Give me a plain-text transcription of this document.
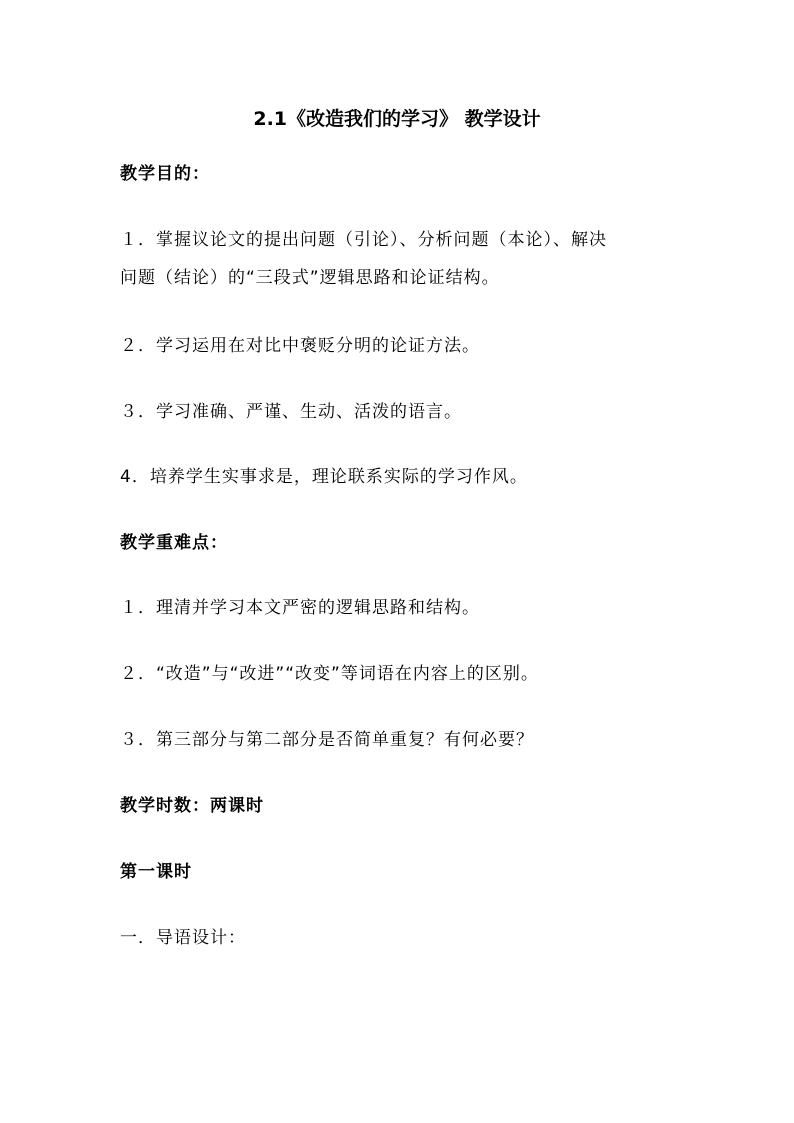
2.1《改造我们的学习》 教学设计
教学目的：
１．掌握议论文的提出问题（引论）、分析问题（本论）、解决
问题（结论）的“三段式”逻辑思路和论证结构。
２．学习运用在对比中褒贬分明的论证方法。
３．学习准确、严谨、生动、活泼的语言。
4．培养学生实事求是，理论联系实际的学习作风。
教学重难点：
１．理清并学习本文严密的逻辑思路和结构。
２．“改造”与“改进”“改变”等词语在内容上的区别。
３．第三部分与第二部分是否简单重复？有何必要？
教学时数：两课时
第一课时
一．导语设计：
